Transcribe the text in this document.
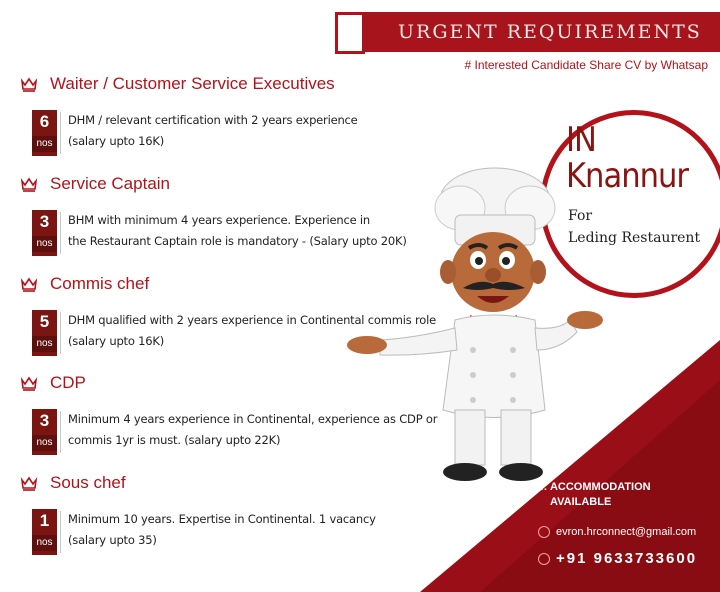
URGENT REQUIREMENTS
# Interested Candidate Share CV by Whatsap
Waiter / Customer Service Executives
6
nos
DHM / relevant certification with 2 years experience
(salary upto 16K)
Service Captain
3
nos
BHM with minimum 4 years experience. Experience in
the Restaurant Captain role is mandatory - (Salary upto 20K)
Commis chef
5
nos
DHM qualified with 2 years experience in Continental commis role
(salary upto 16K)
CDP
3
nos
Minimum 4 years experience in Continental, experience as CDP or
commis 1yr is must. (salary upto 22K)
Sous chef
1
nos
Minimum 10 years. Expertise in Continental. 1 vacancy
(salary upto 35)
IN
Knannur
For
Leding Restaurent
:: ACCOMMODATION
AVAILABLE
evron.hrconnect@gmail.com
+91 9633733600
